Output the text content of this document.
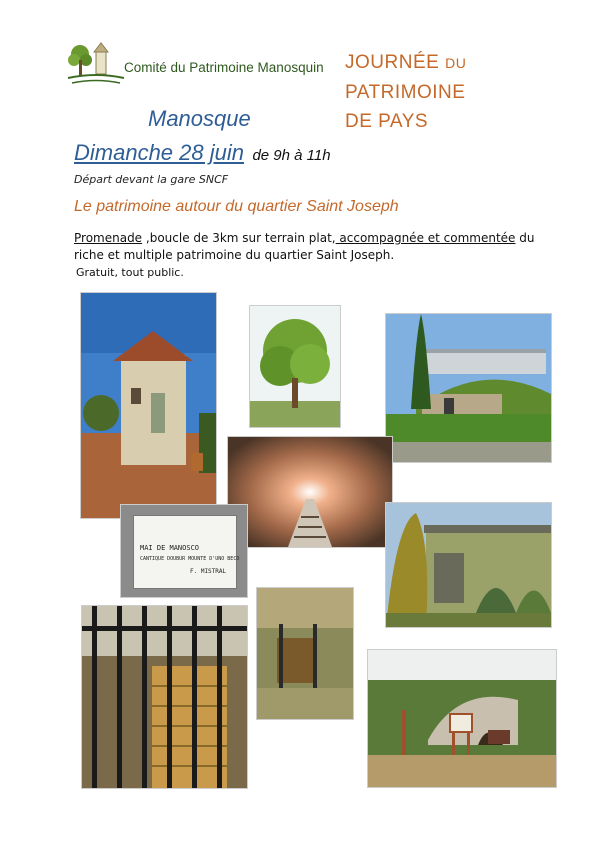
Comité du Patrimoine Manosquin JOURNÉE DU
PATRIMOINE
DE PAYS
Manosque
Dimanche 28 juin de 9h à 11h
Départ devant la gare SNCF
Le patrimoine autour du quartier Saint Joseph
Promenade ,boucle de 3km sur terrain plat, accompagnée et commentée du riche et multiple patrimoine du quartier Saint Joseph.
Gratuit, tout public.
MAI DE MANOSCO
CANTIQUE DOUBUR MOUNTE D'UNO BECO
F. MISTRAL
